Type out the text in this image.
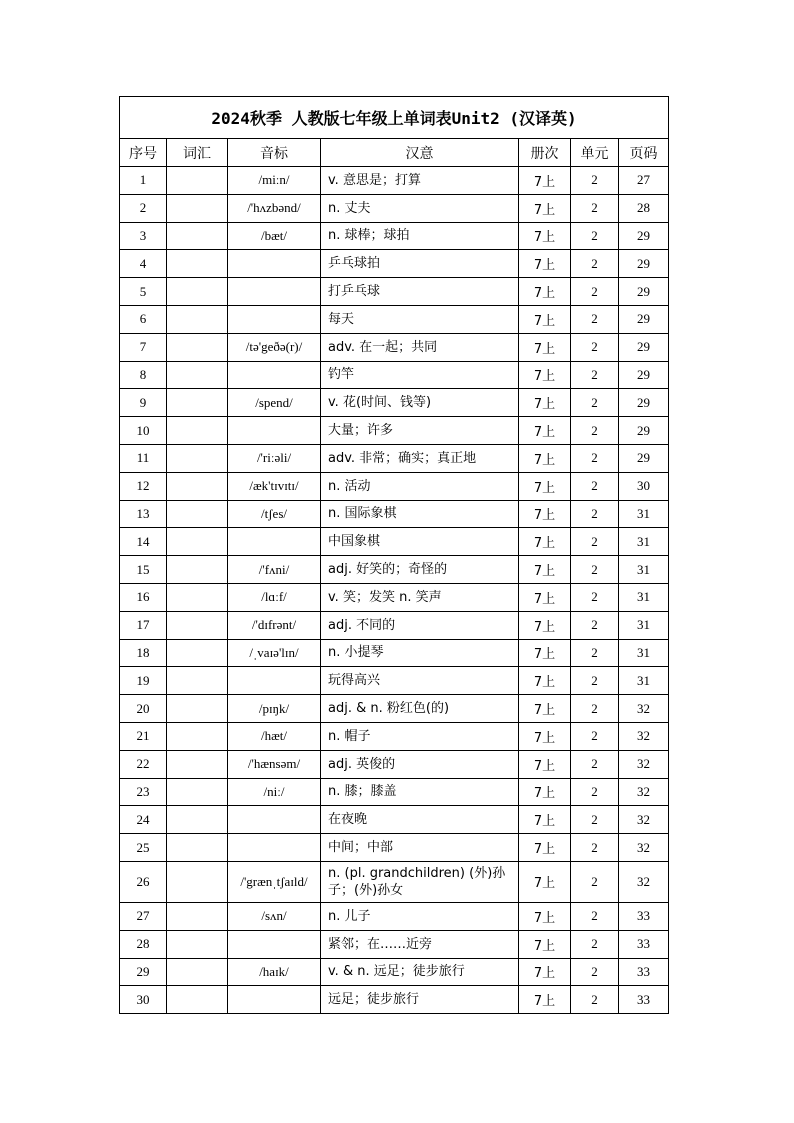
2024秋季 人教版七年级上单词表Unit2 (汉译英)						
序号	词汇	音标	汉意	册次	单元	页码
1		/miːn/	v. 意思是；打算	7上	2	27
2		/'hʌzbənd/	n. 丈夫	7上	2	28
3		/bæt/	n. 球棒；球拍	7上	2	29
4			乒乓球拍	7上	2	29
5			打乒乓球	7上	2	29
6			每天	7上	2	29
7		/tə'geðə(r)/	adv. 在一起；共同	7上	2	29
8			钓竿	7上	2	29
9		/spend/	v. 花(时间、钱等)	7上	2	29
10			大量；许多	7上	2	29
11		/'riːəli/	adv. 非常；确实；真正地	7上	2	29
12		/æk'tɪvɪtɪ/	n. 活动	7上	2	30
13		/tʃes/	n. 国际象棋	7上	2	31
14			中国象棋	7上	2	31
15		/'fʌni/	adj. 好笑的；奇怪的	7上	2	31
16		/lɑːf/	v. 笑；发笑 n. 笑声	7上	2	31
17		/'dɪfrənt/	adj. 不同的	7上	2	31
18		/ˌvaɪə'lɪn/	n. 小提琴	7上	2	31
19			玩得高兴	7上	2	31
20		/pɪŋk/	adj. & n. 粉红色(的)	7上	2	32
21		/hæt/	n. 帽子	7上	2	32
22		/'hænsəm/	adj. 英俊的	7上	2	32
23		/niː/	n. 膝；膝盖	7上	2	32
24			在夜晚	7上	2	32
25			中间；中部	7上	2	32
26		/'grænˌtʃaɪld/	n. (pl. grandchildren) (外)孙子；(外)孙女	7上	2	32
27		/sʌn/	n. 儿子	7上	2	33
28			紧邻；在……近旁	7上	2	33
29		/haɪk/	v. & n. 远足；徒步旅行	7上	2	33
30			远足；徒步旅行	7上	2	33
